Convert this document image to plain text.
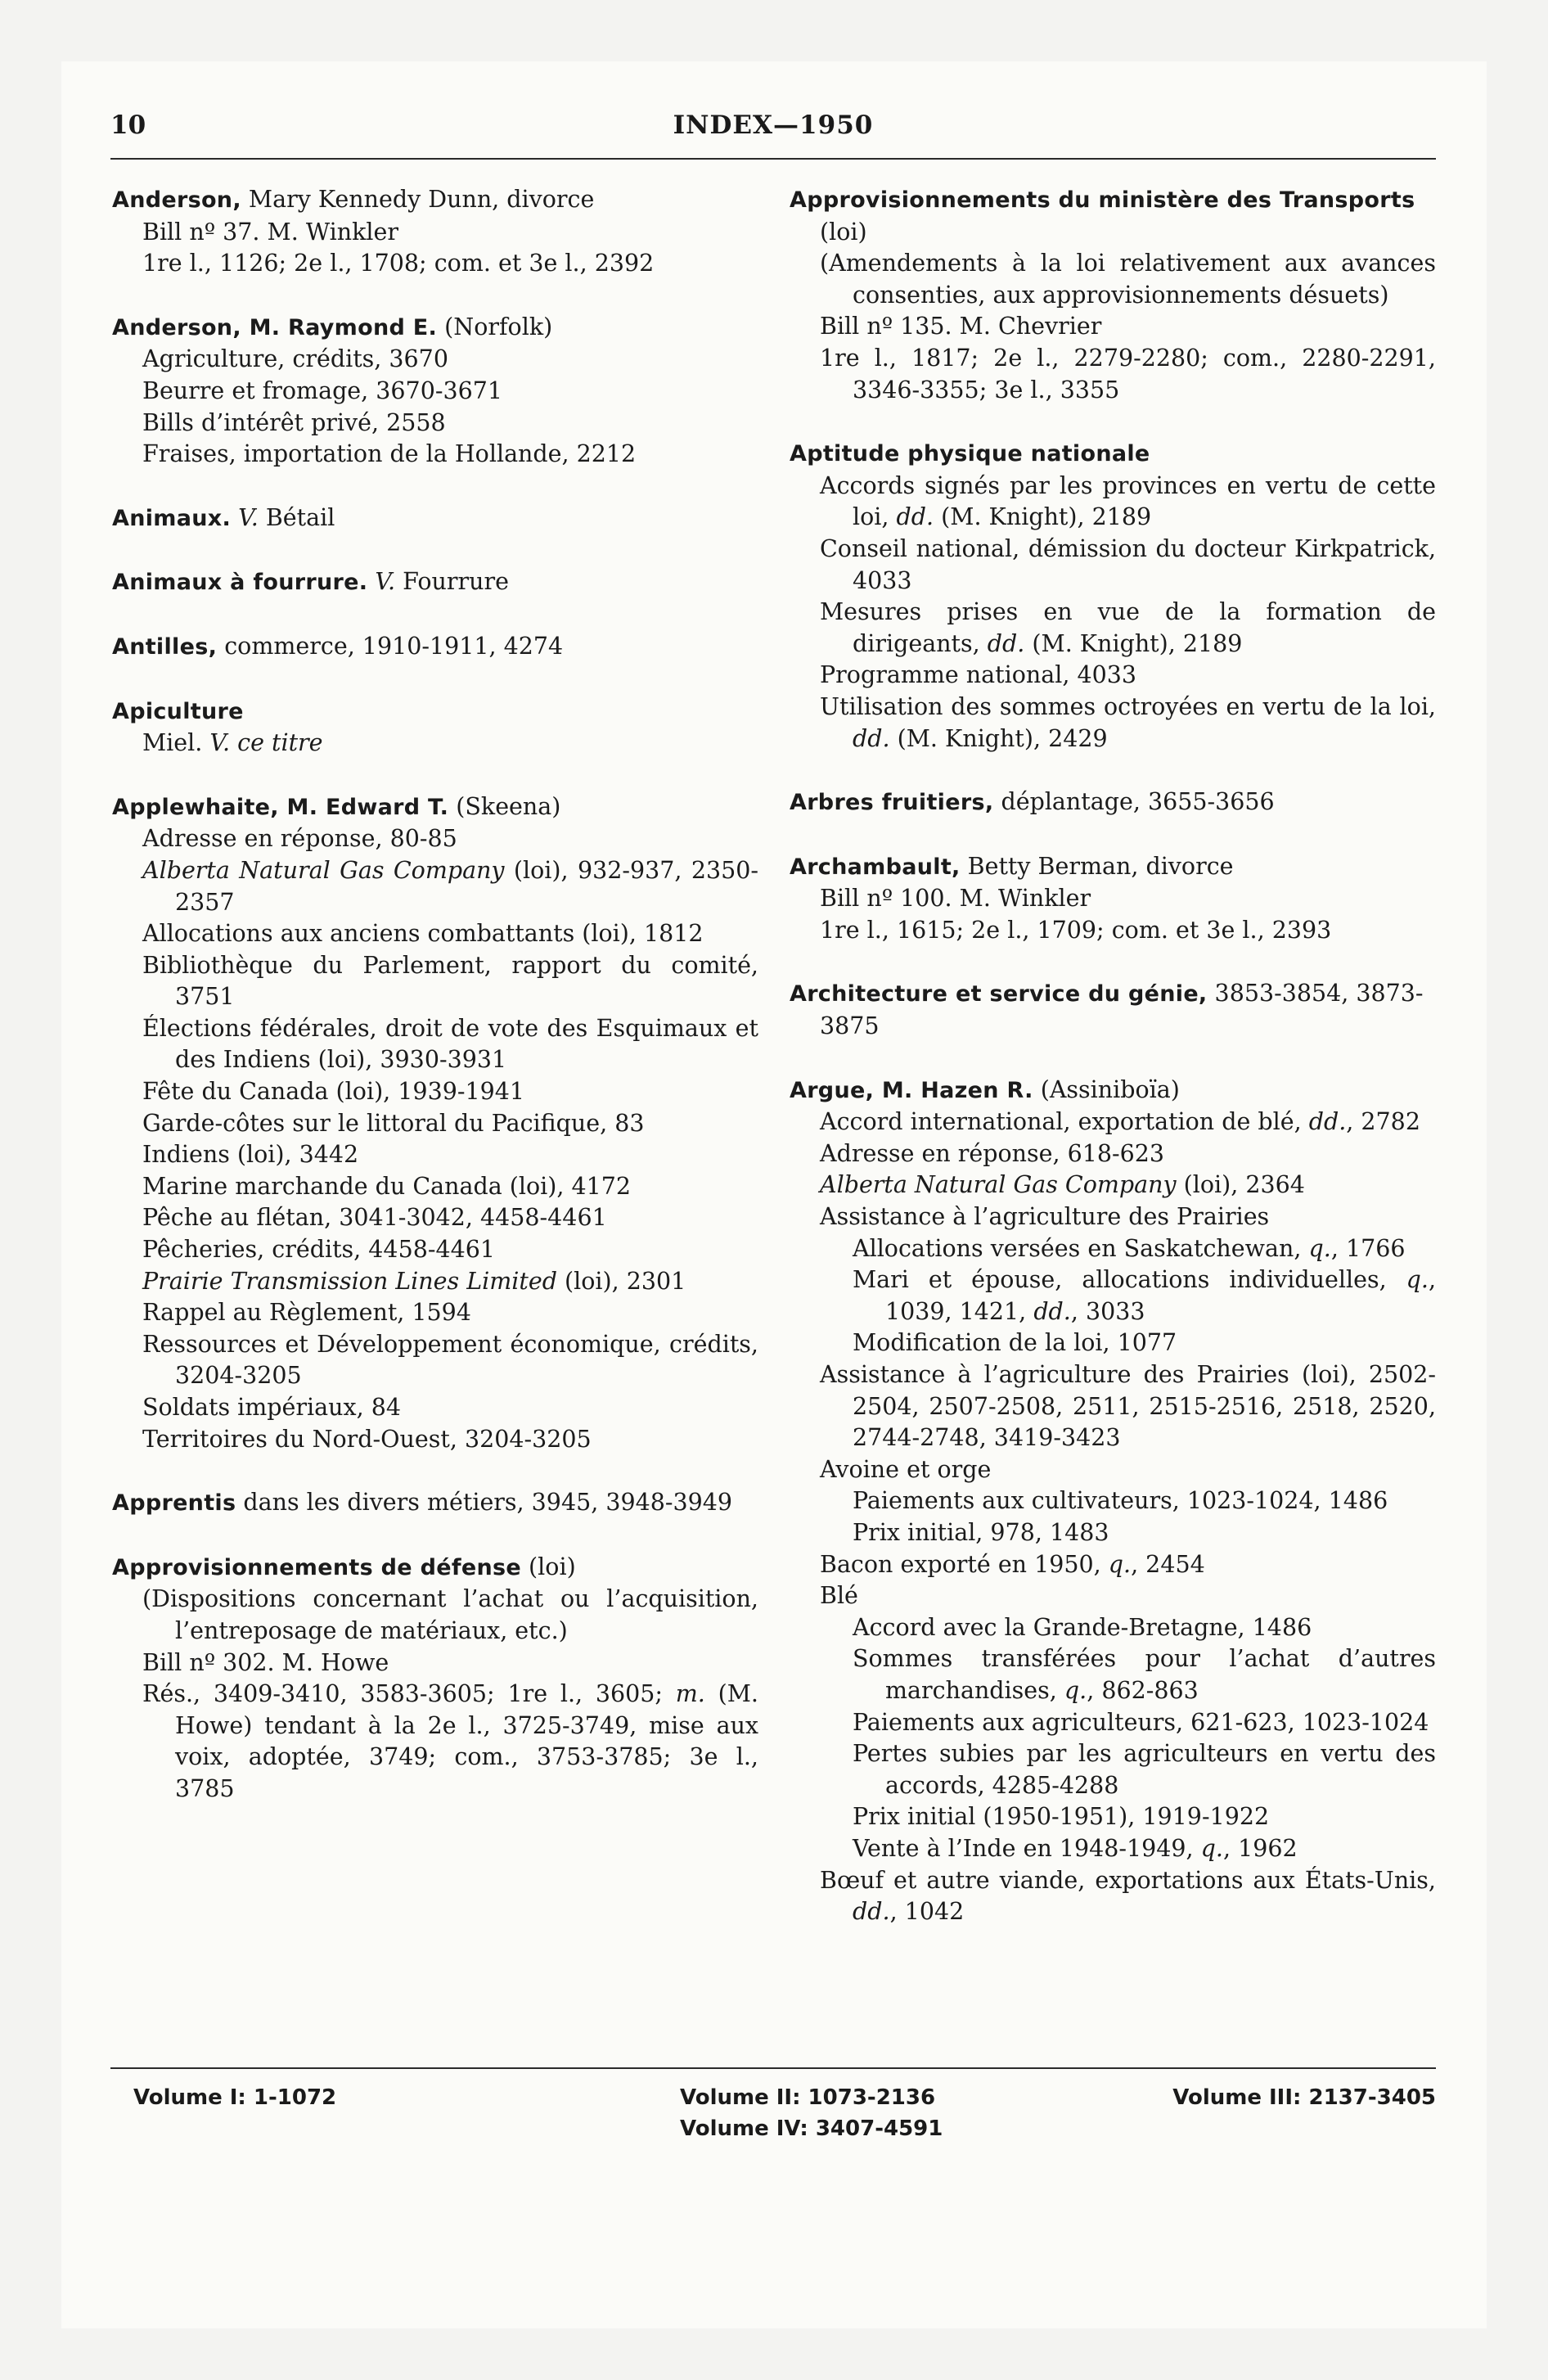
10	INDEX—1950
Anderson, Mary Kennedy Dunn, divorce
Bill nº 37. M. Winkler
1re l., 1126; 2e l., 1708; com. et 3e l., 2392
Anderson, M. Raymond E. (Norfolk)
Agriculture, crédits, 3670
Beurre et fromage, 3670-3671
Bills d’intérêt privé, 2558
Fraises, importation de la Hollande, 2212
Animaux. V. Bétail
Animaux à fourrure. V. Fourrure
Antilles, commerce, 1910-1911, 4274
Apiculture
Miel. V. ce titre
Applewhaite, M. Edward T. (Skeena)
Adresse en réponse, 80-85
Alberta Natural Gas Company (loi), 932-937, 2350-2357
Allocations aux anciens combattants (loi), 1812
Bibliothèque du Parlement, rapport du comité, 3751
Élections fédérales, droit de vote des Esquimaux et des Indiens (loi), 3930-3931
Fête du Canada (loi), 1939-1941
Garde-côtes sur le littoral du Pacifique, 83
Indiens (loi), 3442
Marine marchande du Canada (loi), 4172
Pêche au flétan, 3041-3042, 4458-4461
Pêcheries, crédits, 4458-4461
Prairie Transmission Lines Limited (loi), 2301
Rappel au Règlement, 1594
Ressources et Développement économique, crédits, 3204-3205
Soldats impériaux, 84
Territoires du Nord-Ouest, 3204-3205
Apprentis dans les divers métiers, 3945, 3948-3949
Approvisionnements de défense (loi)
(Dispositions concernant l’achat ou l’acquisition, l’entreposage de matériaux, etc.)
Bill nº 302. M. Howe
Rés., 3409-3410, 3583-3605; 1re l., 3605; m. (M. Howe) tendant à la 2e l., 3725-3749, mise aux voix, adoptée, 3749; com., 3753-3785; 3e l., 3785
Approvisionnements du ministère des Transports (loi)
(Amendements à la loi relativement aux avances consenties, aux approvisionnements désuets)
Bill nº 135. M. Chevrier
1re l., 1817; 2e l., 2279-2280; com., 2280-2291, 3346-3355; 3e l., 3355
Aptitude physique nationale
Accords signés par les provinces en vertu de cette loi, dd. (M. Knight), 2189
Conseil national, démission du docteur Kirkpatrick, 4033
Mesures prises en vue de la formation de dirigeants, dd. (M. Knight), 2189
Programme national, 4033
Utilisation des sommes octroyées en vertu de la loi, dd. (M. Knight), 2429
Arbres fruitiers, déplantage, 3655-3656
Archambault, Betty Berman, divorce
Bill nº 100. M. Winkler
1re l., 1615; 2e l., 1709; com. et 3e l., 2393
Architecture et service du génie, 3853-3854, 3873-3875
Argue, M. Hazen R. (Assiniboïa)
Accord international, exportation de blé, dd., 2782
Adresse en réponse, 618-623
Alberta Natural Gas Company (loi), 2364
Assistance à l’agriculture des Prairies
Allocations versées en Saskatchewan, q., 1766
Mari et épouse, allocations individuelles, q., 1039, 1421, dd., 3033
Modification de la loi, 1077
Assistance à l’agriculture des Prairies (loi), 2502-2504, 2507-2508, 2511, 2515-2516, 2518, 2520, 2744-2748, 3419-3423
Avoine et orge
Paiements aux cultivateurs, 1023-1024, 1486
Prix initial, 978, 1483
Bacon exporté en 1950, q., 2454
Blé
Accord avec la Grande-Bretagne, 1486
Sommes transférées pour l’achat d’autres marchandises, q., 862-863
Paiements aux agriculteurs, 621-623, 1023-1024
Pertes subies par les agriculteurs en vertu des accords, 4285-4288
Prix initial (1950-1951), 1919-1922
Vente à l’Inde en 1948-1949, q., 1962
Bœuf et autre viande, exportations aux États-Unis, dd., 1042
Volume I: 1-1072	Volume II: 1073-2136
Volume IV: 3407-4591
Volume III: 2137-3405
